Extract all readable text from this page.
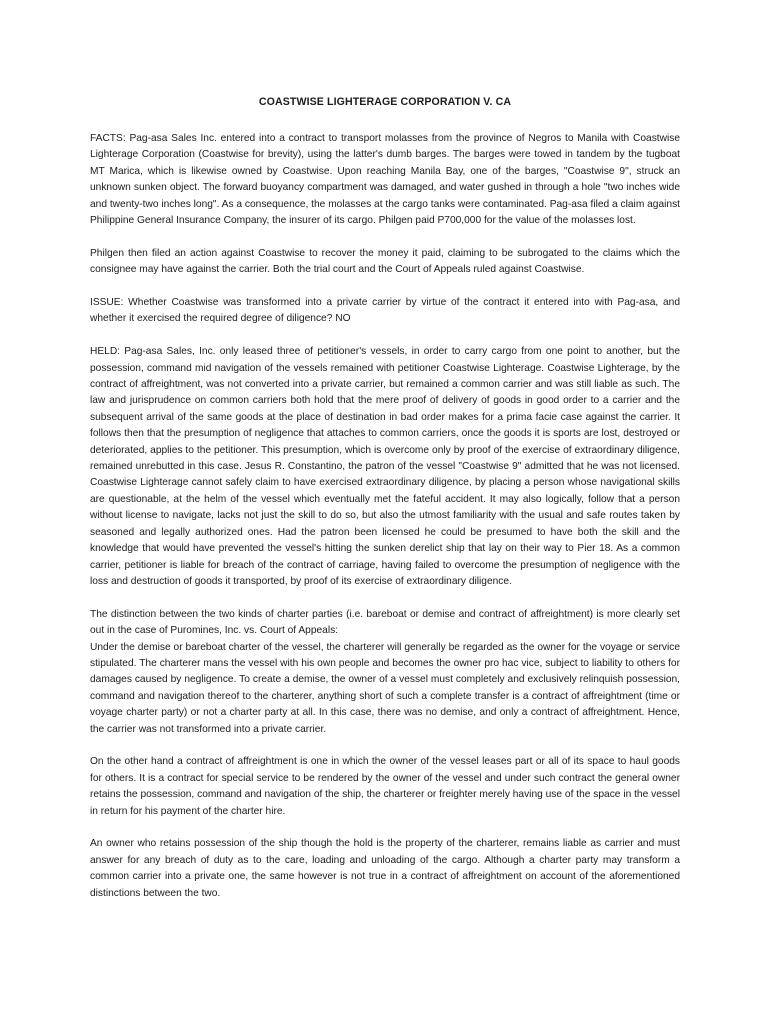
COASTWISE LIGHTERAGE CORPORATION V. CA

FACTS: Pag-asa Sales Inc. entered into a contract to transport molasses from the province of Negros to Manila with Coastwise Lighterage Corporation (Coastwise for brevity), using the latter's dumb barges. The barges were towed in tandem by the tugboat MT Marica, which is likewise owned by Coastwise. Upon reaching Manila Bay, one of the barges, "Coastwise 9", struck an unknown sunken object. The forward buoyancy compartment was damaged, and water gushed in through a hole "two inches wide and twenty-two inches long". As a consequence, the molasses at the cargo tanks were contaminated. Pag-asa filed a claim against Philippine General Insurance Company, the insurer of its cargo. Philgen paid P700,000 for the value of the molasses lost.

Philgen then filed an action against Coastwise to recover the money it paid, claiming to be subrogated to the claims which the consignee may have against the carrier. Both the trial court and the Court of Appeals ruled against Coastwise.

ISSUE: Whether Coastwise was transformed into a private carrier by virtue of the contract it entered into with Pag-asa, and whether it exercised the required degree of diligence? NO

HELD: Pag-asa Sales, Inc. only leased three of petitioner's vessels, in order to carry cargo from one point to another, but the possession, command mid navigation of the vessels remained with petitioner Coastwise Lighterage. Coastwise Lighterage, by the contract of affreightment, was not converted into a private carrier, but remained a common carrier and was still liable as such. The law and jurisprudence on common carriers both hold that the mere proof of delivery of goods in good order to a carrier and the subsequent arrival of the same goods at the place of destination in bad order makes for a prima facie case against the carrier. It follows then that the presumption of negligence that attaches to common carriers, once the goods it is sports are lost, destroyed or deteriorated, applies to the petitioner. This presumption, which is overcome only by proof of the exercise of extraordinary diligence, remained unrebutted in this case. Jesus R. Constantino, the patron of the vessel "Coastwise 9" admitted that he was not licensed. Coastwise Lighterage cannot safely claim to have exercised extraordinary diligence, by placing a person whose navigational skills are questionable, at the helm of the vessel which eventually met the fateful accident. It may also logically, follow that a person without license to navigate, lacks not just the skill to do so, but also the utmost familiarity with the usual and safe routes taken by seasoned and legally authorized ones. Had the patron been licensed he could be presumed to have both the skill and the knowledge that would have prevented the vessel's hitting the sunken derelict ship that lay on their way to Pier 18. As a common carrier, petitioner is liable for breach of the contract of carriage, having failed to overcome the presumption of negligence with the loss and destruction of goods it transported, by proof of its exercise of extraordinary diligence.

The distinction between the two kinds of charter parties (i.e. bareboat or demise and contract of affreightment) is more clearly set out in the case of Puromines, Inc. vs. Court of Appeals:

Under the demise or bareboat charter of the vessel, the charterer will generally be regarded as the owner for the voyage or service stipulated. The charterer mans the vessel with his own people and becomes the owner pro hac vice, subject to liability to others for damages caused by negligence. To create a demise, the owner of a vessel must completely and exclusively relinquish possession, command and navigation thereof to the charterer, anything short of such a complete transfer is a contract of affreightment (time or voyage charter party) or not a charter party at all. In this case, there was no demise, and only a contract of affreightment. Hence, the carrier was not transformed into a private carrier.

On the other hand a contract of affreightment is one in which the owner of the vessel leases part or all of its space to haul goods for others. It is a contract for special service to be rendered by the owner of the vessel and under such contract the general owner retains the possession, command and navigation of the ship, the charterer or freighter merely having use of the space in the vessel in return for his payment of the charter hire.

An owner who retains possession of the ship though the hold is the property of the charterer, remains liable as carrier and must answer for any breach of duty as to the care, loading and unloading of the cargo. Although a charter party may transform a common carrier into a private one, the same however is not true in a contract of affreightment on account of the aforementioned distinctions between the two.
